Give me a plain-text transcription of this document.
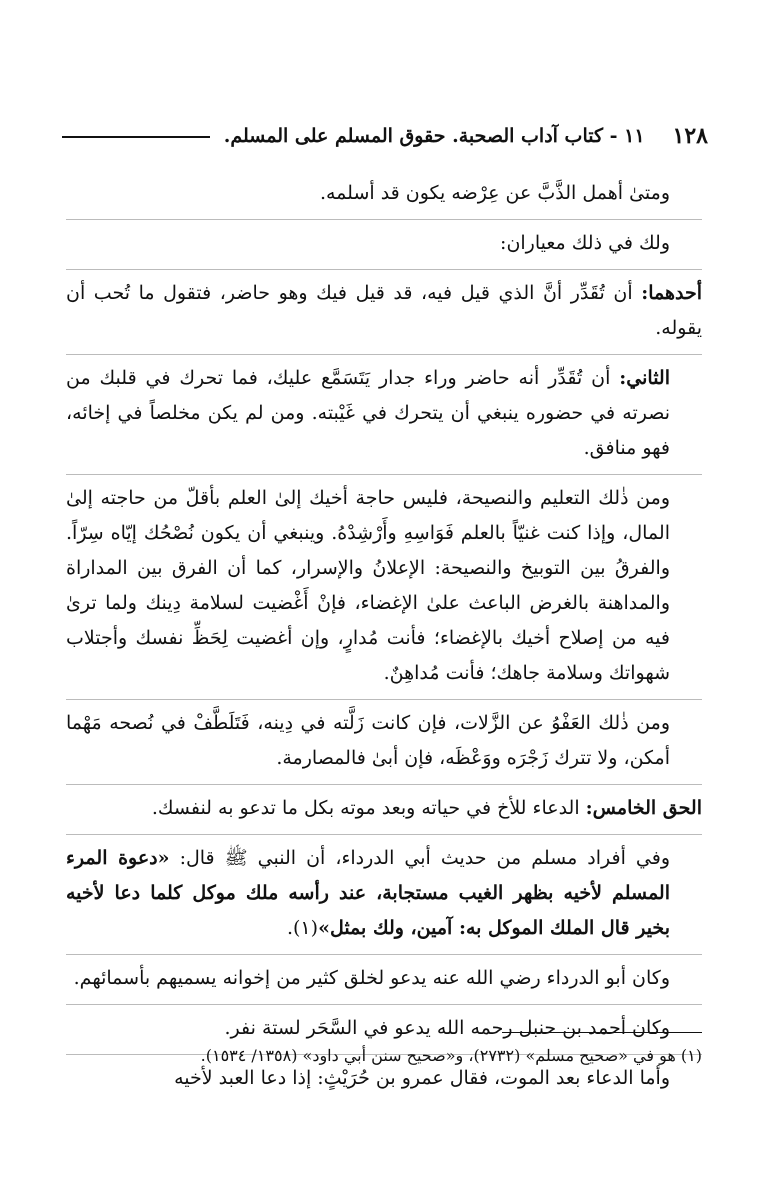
١٢٨
١١ - كتاب آداب الصحبة. حقوق المسلم على المسلم.

ومتىٰ أهمل الذَّبَّ عن عِرْضه يكون قد أسلمه.

ولك في ذلك معياران:

أحدهما: أن تُقَدِّر أنَّ الذي قيل فيه، قد قيل فيك وهو حاضر، فتقول ما تُحب أن يقوله.

الثاني: أن تُقَدِّر أنه حاضر وراء جدار يَتَسَمَّع عليك، فما تحرك في قلبك من نصرته في حضوره ينبغي أن يتحرك في غَيْبته. ومن لم يكن مخلصاً في إخائه، فهو منافق.

ومن ذٰلك التعليم والنصيحة، فليس حاجة أخيك إلىٰ العلم بأقلّ من حاجته إلىٰ المال، وإذا كنت غنيّاً بالعلم فَوَاسِهِ وأَرْشِدْهُ. وينبغي أن يكون نُصْحُك إيّاه سِرّاً. والفرقُ بين التوبيخ والنصيحة: الإعلانُ والإسرار، كما أن الفرق بين المداراة والمداهنة بالغرض الباعث علىٰ الإغضاء، فإنْ أَغْضيت لسلامة دِينك ولما ترىٰ فيه من إصلاح أخيك بالإغضاء؛ فأنت مُدارٍ، وإن أغضيت لِحَظِّ نفسك وأجتلاب شهواتك وسلامة جاهك؛ فأنت مُداهِنٌ.

ومن ذٰلك العَفْوُ عن الزَّلات، فإن كانت زَلَّته في دِينه، فَتَلَطَّفْ في نُصحه مَهْما أمكن، ولا تترك زَجْرَه ووَعْظَه، فإن أبىٰ فالمصارمة.

الحق الخامس: الدعاء للأخ في حياته وبعد موته بكل ما تدعو به لنفسك.

وفي أفراد مسلم من حديث أبي الدرداء، أن النبي ﷺ قال: «دعوة المرء المسلم لأخيه بظهر الغيب مستجابة، عند رأسه ملك موكل كلما دعا لأخيه بخير قال الملك الموكل به: آمين، ولك بمثل»(١).

وكان أبو الدرداء رضي الله عنه يدعو لخلق كثير من إخوانه يسميهم بأسمائهم.

وكان أحمد بن حنبل رحمه الله يدعو في السَّحَر لستة نفر.

وأما الدعاء بعد الموت، فقال عمرو بن حُرَيْثٍ: إذا دعا العبد لأخيه

(١) هو في «صحيح مسلم» (٢٧٣٢)، و«صحيح سنن أبي داود» (١٣٥٨/ ١٥٣٤).
